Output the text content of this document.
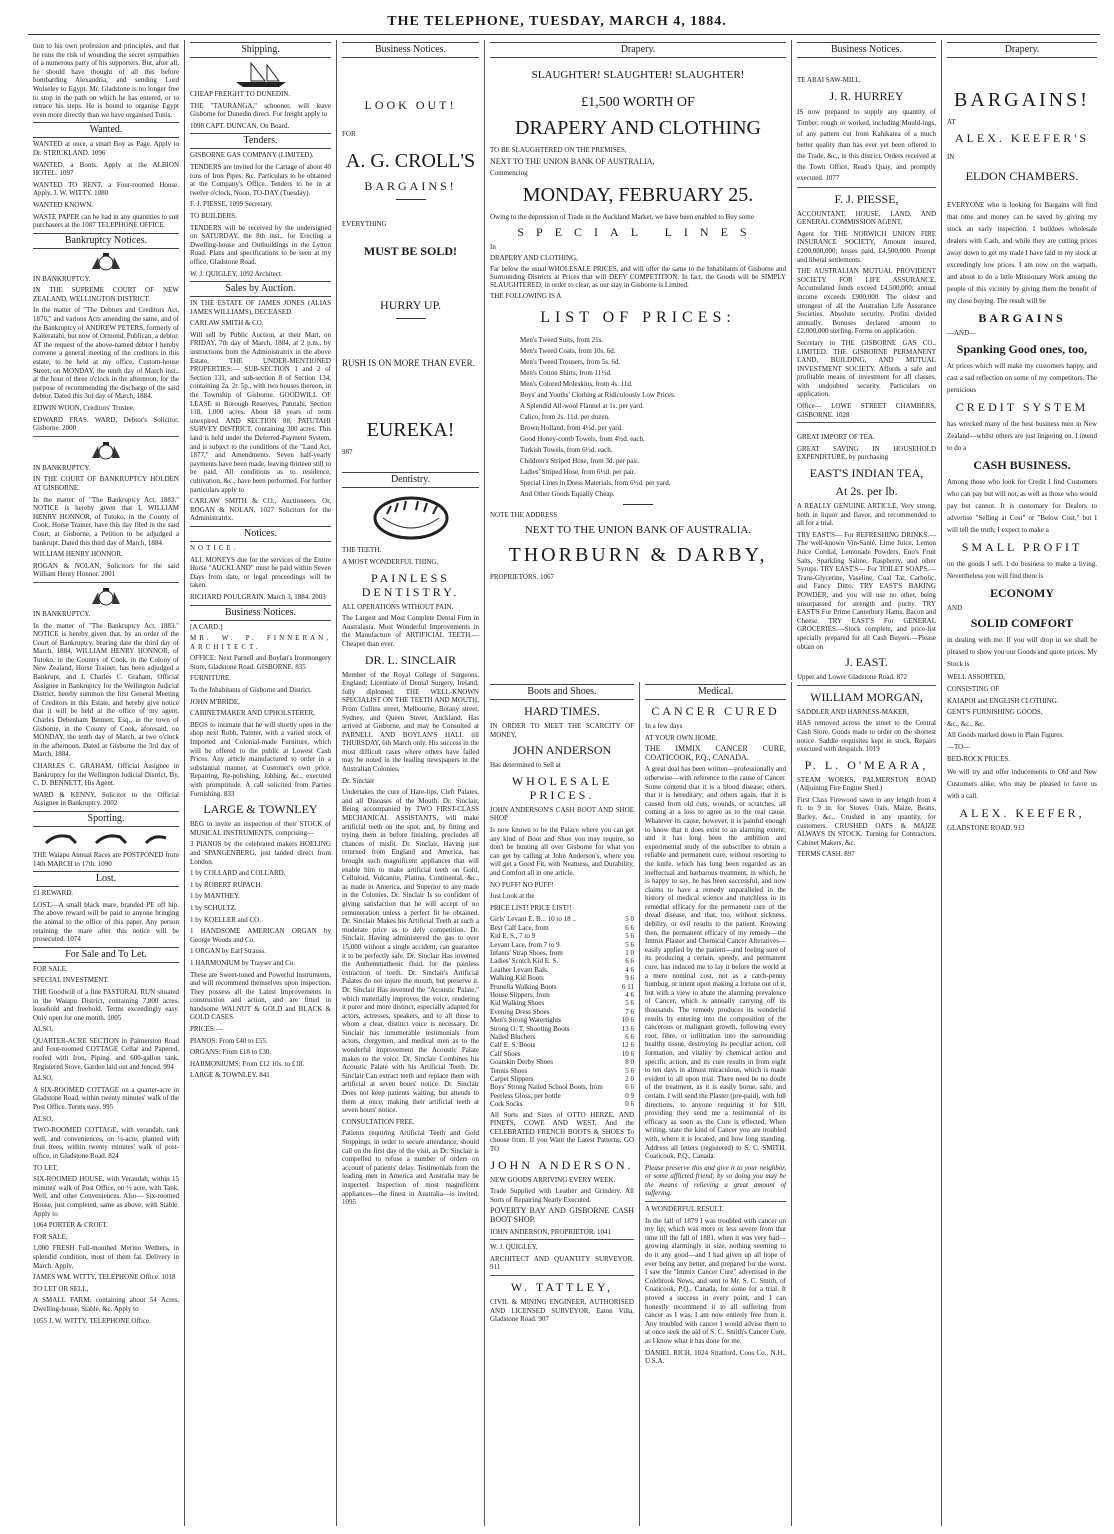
THE TELEPHONE, TUESDAY, MARCH 4, 1884.
tion to his own profession and principles, and that he runs the risk of wounding the secret sympathies of a numerous party of his supporters. But, after all, he should have thought of all this before bombarding Alexandria, and sending Lord Wolseley to Egypt. Mr. Gladstone is no longer free to stop in the path on which he has entered, or to retrace his steps. He is bound to organise Egypt even more directly than we have organised Tunis.
Wanted.
WANTED at once, a smart Boy as Page. Apply to Dr. STRICKLAND. 1096
WANTED, a Boots. Apply at the ALBION HOTEL. 1097
WANTED TO RENT, a Four-roomed House. Apply, J. W. WITTY. 1080
WANTED KNOWN.
WASTE PAPER can be had in any quantities to suit purchasers at the 1087 TELEPHONE OFFICE.
Bankruptcy Notices.
IN BANKRUPTCY.
IN THE SUPREME COURT OF NEW ZEALAND, WELLINGTON DISTRICT.
In the matter of "The Debtors and Creditors Act, 1876," and various Acts amending the same, and of the Bankruptcy of ANDREW PETERS, formerly of Kaiteratahi, but now of Ormond, Publican, a debtor. AT the request of the above-named debtor I hereby convene a general meeting of the creditors in this estate, to be held at my office, Custom-house Street, on MONDAY, the tenth day of March inst., at the hour of three o'clock in the afternoon, for the purpose of recommending the discharge of the said debtor. Dated this 3rd day of March, 1884.
EDWIN WOON, Creditors' Trustee.
EDWARD FRAS. WARD, Debtor's Solicitor, Gisborne. 2000
IN BANKRUPTCY.
IN THE COURT OF BANKRUPTCY HOLDEN AT GISBORNE.
In the matter of "The Bankruptcy Act, 1883." NOTICE is hereby given that I, WILLIAM HENRY HONNOR, of Tutoko, in the County of Cook, Horse Trainer, have this day filed in the said Court, at Gisborne, a Petition to be adjudged a bankrupt. Dated this third day of March, 1884.
WILLIAM HENRY HONNOR.
ROGAN & NOLAN, Solicitors for the said William Henry Honnor. 2001
IN BANKRUPTCY.
In the matter of "The Bankruptcy Act, 1883." NOTICE is hereby given that, by an order of the Court of Bankruptcy, bearing date the third day of March, 1884, WILLIAM HENRY HONNOR, of Tutoko, in the Country of Cook, in the Colony of New Zealand, Horse Trainer, has been adjudged a Bankrupt, and I, Charles C. Graham, Official Assignee in Bankruptcy for the Wellington Judicial District, hereby summon the first General Meeting of Creditors in this Estate, and hereby give notice that it will be held at the office of my agent, Charles Debenham Bennett, Esq., in the town of Gisborne, in the County of Cook, aforesaid, on MONDAY, the tenth day of March, at two o'clock in the afternoon. Dated at Gisborne the 3rd day of March, 1884.
CHARLES C. GRAHAM, Official Assignee in Bankruptcy for the Wellington Judicial District, By, C. D. BENNETT, His Agent.
WARD & KENNY, Solicitor to the Official Assignee in Bankruptcy. 2002
Sporting.
THE Waiapu Annual Races are POSTPONED from 14th MARCH to 17th. 1090
Lost.
£1 REWARD.
LOST,—A small black mare, branded PE off hip. The above reward will be paid to anyone bringing the animal to the office of this paper. Any person retaining the mare after this notice will be prosecuted. 1074
For Sale and To Let.
FOR SALE.
SPECIAL INVESTMENT.
THE Goodwill of a fine PASTORAL RUN situated in the Waiapu District, containing 7,800 acres, leasehold and freehold. Terms exceedingly easy. Only open for one month. 1005
ALSO,
QUARTER-ACRE SECTION in Palmerston Road and Four-roomed COTTAGE Cellar and Papered, roofed with Iron, Piping, and 600-gallon tank, Registered Stove. Garden laid out and fenced. 994
ALSO,
A SIX-ROOMED COTTAGE on a quarter-acre in Gladstone Road, within twenty minutes' walk of the Post Office. Terms easy. 995
ALSO,
TWO-ROOMED COTTAGE, with verandah, tank well, and conveniences, on ¼-acre, planted with fruit trees, within twenty minutes' walk of post-office, in Gladstone Road. 824
TO LET,
SIX-ROOMED HOUSE, with Verandah, within 15 minutes' walk of Post Office, on ½ acre, with Tank, Well, and other Conveniences. Also— Six-roomed House, just completed, same as above, with Stable. Apply to
1064 PORTER & CROFT.
FOR SALE,
1,000 FRESH Full-mouthed Merino Wethers, in splendid condition, most of them fat. Delivery in March. Apply,
JAMES WM. WITTY, TELEPHONE Office. 1018
TO LET OR SELL,
A SMALL FARM, containing about 54 Acres, Dwelling-house, Stable, &c. Apply to
1055 J. W. WITTY, TELEPHONE Office.
Shipping.
CHEAP FREIGHT TO DUNEDIN.
THE "TAURANGA," schooner, will leave Gisborne for Dunedin direct. For freight apply to
1098 CAPT. DUNCAN, On Board.
Tenders.
GISBORNE GAS COMPANY (LIMITED).
TENDERS are invited for the Cartage of about 40 tons of Iron Pipes, &c. Particulars to be obtained at the Company's Office. Tenders to be in at twelve o'clock, Noon, TO-DAY (Tuesday).
F. J. PIESSE, 1099 Secretary.
TO BUILDERS.
TENDERS will be received by the undersigned on SATURDAY, the 8th inst., for Erecting a Dwelling-house and Outbuildings in the Lytton Road. Plans and specifications to be seen at my office, Gladstone Road.
W. J. QUIGLEY, 1092 Architect.
Sales by Auction.
IN THE ESTATE OF JAMES JONES (ALIAS JAMES WILLIAMS), DECEASED.
CARLAW SMITH & CO.
Will sell by Public Auction, at their Mart, on FRIDAY, 7th day of March, 1884, at 2 p.m., by instructions from the Administratrix in the above Estate, THE UNDER-MENTIONED PROPERTIES:— SUB-SECTION 1 and 2 of Section 131, and sub-section 8 of Section 134, containing 2a. 2r. 5p., with two houses thereon, in the Township of Gisborne. GOODWILL OF LEASE in Borough Reserves, Patutahi, Section 118, 1,000 acres. About 18 years of term unexpired. AND SECTION 88, PATUTAHI SURVEY DISTRICT, containing 300 acres. This land is held under the Deferred-Payment System, and is subject to the conditions of the "Land Act, 1877," and Amendments. Seven half-yearly payments have been made, leaving thirteen still to be paid. All conditions as to residence, cultivation, &c., have been performed. For further particulars apply to
CARLAW SMITH & CO., Auctioneers. Or, ROGAN & NOLAN, 1027 Solicitors for the Administratrix.
Notices.
NOTICE.
ALL MONEYS due for the services of the Entire Horse "AUCKLAND" must be paid within Seven Days from date, or legal proceedings will be taken.
RICHARD POULGRAIN. March 3, 1884. 2003
Business Notices.
[A CARD.]
MR. W. P. FINNERAN, ARCHITECT.
OFFICE: Next Parnell and Boylan's Ironmongery Store, Gladstone Road. GISBORNE. 835
FURNITURE.
To the Inhabitants of Gisborne and District.
JOHN M'BRIDE,
CABINETMAKER AND UPHOLSTERER,
BEGS to intimate that he will shortly open in the shop next Robb, Painter, with a varied stock of Imported and Colonial-made Furniture, which will be offered to the public at Lowest Cash Prices. Any article manufactured to order in a substantial manner, at Customer's own price. Repairing, Re-polishing, Jobbing, &c., executed with promptitude. A call solicited from Parties Furnishing. 833
LARGE & TOWNLEY
BEG to invite an inspection of their STOCK of MUSICAL INSTRUMENTS, comprising—
3 PIANOS by the celebrated makers HOELING and SPANGENBERG, just landed direct from London.
1 by COLLARD and COLLARD.
1 by ROBERT RUPACH.
1 by MANTHEY.
1 by SCHULTZ.
1 by KOELLER and CO.
1 HANDSOME AMERICAN ORGAN by George Woods and Co.
1 ORGAN by Earl Strauss.
1 HARMONIUM by Trayser and Co.
These are Sweet-toned and Powerful Instruments, and will recommend themselves upon inspection. They possess all the Latest Improvements in construction and action, and are fitted in handsome WALNUT & GOLD and BLACK & GOLD CASES.
PRICES:—
PIANOS: From £40 to £55.
ORGANS: From £18 to £30.
HARMONIUMS: From £12 10s. to £18.
LARGE & TOWNLEY. 841
Business Notices.
LOOK OUT!
FOR
A. G. CROLL'S
BARGAINS!
EVERYTHING
MUST BE SOLD!
HURRY UP.
RUSH IS ON MORE THAN EVER.
EUREKA!
987
Dentistry.
THE TEETH.
A MOST WONDERFUL THING.
PAINLESS DENTISTRY.
ALL OPERATIONS WITHOUT PAIN.
The Largest and Most Complete Dental Firm in Australasia. Most Wonderful Improvements in the Manufacture of ARTIFICIAL TEETH.— Cheaper than ever.
DR. L. SINCLAIR
Member of the Royal College of Surgeons, England; Licentiate of Dental Surgery, Ireland; fully diplomed; THE WELL-KNOWN SPECIALIST ON THE TEETH AND MOUTH, From Collins street, Melbourne, Botany street, Sydney, and Queen Street, Auckland. Has arrived at Gisborne, and may be Consulted at PARNELL AND BOYLAN'S HALL till THURSDAY, 6th March only. His success in the most difficult cases where others have failed may be noted in the leading newspapers in the Australian Colonies.
Dr. Sinclair
Undertakes the cure of Hare-lips, Cleft Palates, and all Diseases of the Mouth. Dr. Sinclair, Being accompanied by TWO FIRST-CLASS MECHANICAL ASSISTANTS, will make artificial teeth on the spot, and, by fitting and trying them in before finishing, precludes all chances of misfit. Dr. Sinclair, Having just returned from England and America, has brought such magnificent appliances that will enable him to make artificial teeth on Gold, Celluloid, Vulcanite, Platina, Continental, &c., as made in America, and Superior to any made in the Colonies. Dr. Sinclair Is so confident of giving satisfaction that he will accept of no remuneration unless a perfect fit be obtained. Dr. Sinclair Makes his Artificial Teeth at such a moderate price as to defy competition. Dr. Sinclair, Having administered the gas to over 15,000 without a single accident, can guarantee it to be perfectly safe. Dr. Sinclair Has invented the Anthemmathenic fluid, for the painless extraction of teeth. Dr. Sinclair's Artificial Palates do not injure the mouth, but preserve it. Dr. Sinclair Has invented the "Acoustic Palate," which materially improves the voice, rendering it purer and more distinct, especially adapted for actors, actresses, speakers, and to all those to whom a clear, distinct voice is necessary. Dr. Sinclair has innumerable testimonials from actors, clergymen, and medical men as to the wonderful improvement the Acoustic Palate makes to the voice. Dr. Sinclair Combines his Acoustic Palate with his Artificial Teeth. Dr. Sinclair Can extract teeth and replace them with artificial at seven hours' notice. Dr. Sinclair Does not keep patients waiting, but attends to them at once, making their artificial teeth at seven hours' notice.
CONSULTATION FREE.
Patients requiring Artificial Teeth and Gold Stoppings, in order to secure attendance, should call on the first day of the visit, as Dr. Sinclair is compelled to refuse a number of orders on account of patients' delay. Testimonials from the leading men in America and Australia may be inspected. Inspection of most magnificent appliances—the finest in Australia—is invited. 1095
Drapery.
SLAUGHTER! SLAUGHTER! SLAUGHTER!
£1,500 WORTH OF
DRAPERY AND CLOTHING
TO BE SLAUGHTERED ON THE PREMISES,
NEXT TO THE UNION BANK OF AUSTRALIA,
Commencing
MONDAY, FEBRUARY 25.
Owing to the depression of Trade in the Auckland Market, we have been enabled to Buy some
SPECIAL LINES
In
DRAPERY AND CLOTHING,
Far below the usual WHOLESALE PRICES, and will offer the same to the Inhabitants of Gisborne and Surrounding Districts at Prices that will DEFY COMPETITION. In fact, the Goods will be SIMPLY SLAUGHTERED, in order to clear, as our stay in Gisborne is Limited.
THE FOLLOWING IS A
LIST OF PRICES:
Men's Tweed Suits, from 21s.
Men's Tweed Coats, from 10s. 6d.
Men's Tweed Trousers, from 5s. 6d.
Men's Cotton Shirts, from 11½d.
Men's Colored Moleskins, from 4s. 11d.
Boys' and Youths' Clothing at Ridiculously Low Prices.
A Splendid All-wool Flannel at 1s. per yard.
Calico, from 2s. 11d. per dozen.
Brown Holland, from 4½d. per yard.
Good Honey-comb Towels, from 4½d. each.
Turkish Towels, from 6½d. each.
Children's Striped Hose, from 3d. per pair.
Ladies' Striped Hose, from 6½d. per pair.
Special Lines in Dress Materials, from 6½d. per yard.
And Other Goods Equally Cheap.
NOTE THE ADDRESS
NEXT TO THE UNION BANK OF AUSTRALIA.
THORBURN & DARBY,
PROPRIETORS. 1067
Boots and Shoes.
HARD TIMES.
IN ORDER TO MEET THE SCARCITY OF MONEY,
JOHN ANDERSON
Has determined to Sell at
WHOLESALE PRICES.
JOHN ANDERSON'S CASH BOOT AND SHOE SHOP
Is now known to be the Palace where you can get any kind of Boot and Shoe you may require, so don't be hunting all over Gisborne for what you can get by calling at John Anderson's, where you will get a Good Fit, with Neatness, and Durability, and Comfort all in one article.
NO PUFF! NO PUFF!
Just Look at the
PRICE LIST! PRICE LIST!!
Girls' Levant E. B... 10 to 18 ..	5 0
Best Calf Lace, from	6 6
Kid E. S., 7 to 9	5 6
Levant Lace, from 7 to 9	5 6
Infants' Strap Shoes, from	1 0
Ladies' Scotch Kid E. S.	6 6
Leather Levant Bals.	4 6
Walking Kid Boots	9 6
Prunella Walking Boots	6 11
House Slippers, from	4 6
Kid Walking Shoes	5 6
Evening Dress Shoes	7 6
Men's Strong Watertights	10 6
Strong O. T. Shooting Boots	13 6
Nailed Bluchers	6 6
Calf E. S. Boots	12 6
Calf Shoes	10 6
Goatskin Derby Shoes	8 0
Tennis Shoes	5 6
Carpet Slippers	2 0
Boys' Strong Nailed School Boots, from	6 6
Peerless Gloss, per bottle	0 9
Cork Socks	0 6
All Sorts and Sizes of OTTO HERZE, AND PINETS, COWE AND WEST, And the CELEBRATED FRENCH BOOTS & SHOES To choose from. If you Want the Latest Patterns, GO TO
JOHN ANDERSON.
NEW GOODS ARRIVING EVERY WEEK.
Trade Supplied with Leather and Grindery. All Sorts of Repairing Neatly Executed.
POVERTY BAY AND GISBORNE CASH BOOT SHOP.
JOHN ANDERSON, PROPRIETOR. 1041
W. J. QUIGLEY,
ARCHITECT AND QUANTITY SURVEYOR. 911
W. TATTLEY,
CIVIL & MINING ENGINEER, AUTHORISED AND LICENSED SURVEYOR, Eaton Villa, Gladstone Road. 907
Medical.
CANCER CURED
In a few days
AT YOUR OWN HOME.
THE IMMIX CANCER CURE, COATICOOK, P.Q., CANADA.
A great deal has been written—professionally and otherwise—with reference to the cause of Cancer. Some contend that it is a blood disease; others, that it is hereditary; and others again, that it is caused from old cuts, wounds, or scratches, all coming at a loss to agree as to the real cause. Whatever its cause, however, it is painful enough to know that it does exist to an alarming extent; and it has long been the ambition and experimental study of the subscriber to obtain a reliable and permanent cure, without resorting to the knife, which has long been regarded as an ineffectual and barbarous treatment, in which, he is happy to say, he has been successful, and now claims to have a remedy unparalleled in the history of medical science and matchless in its remedial efficacy for the permanent cure of the dread disease, and that, too, without sickness, debility, or evil results to the patient. Knowing then, the permanent efficacy of my remedy—the Immix Plaster and Chemical Cancer Alteratives—easily applied by the patient—and feeling sure of its producing a certain, speedy, and permanent cure, has induced me to lay it before the world at a mere nominal cost, not as a catch-penny humbug, or intent upon making a fortune out of it, but with a view to abate the alarming prevalence of Cancer, which is annually carrying off its thousands. The remedy produces its wonderful results by entering into the composition of the cancerous or malignant growth, following every root, fibre, or infiltration into the surrounding healthy tissue, destroying its peculiar action, cell formation, and vitality by chemical action and specific action, and its cure results in from eight to ten days in almost miraculous, which is made evident to all upon trial. There need be no doubt of the treatment, as it is easily borne, safe, and certain. I will send the Plaster (pre-paid), with full directions, to anyone requiring it for $10, providing they send me a testimonial of its efficacy as soon as the Cure is effected. When writing, state the kind of Cancer you are troubled with, where it is located, and how long standing. Address all letters (registered) to S. C. SMITH, Coaticook, P.Q., Canada.
Please preserve this and give it to your neighbor, or some afflicted friend; by so doing you may be the means of relieving a great amount of suffering.
A WONDERFUL RESULT.
In the fall of 1879 I was troubled with cancer on my lip, which was more or less severe from that time till the fall of 1881, when it was very bad—growing alarmingly in size, nothing seeming to do it any good—and I had given up all hope of ever being any better, and prepared for the worst. I saw the "Immix Cancer Cure" advertised in the Colebrook News, and sent to Mr. S. C. Smith, of Coaticook, P.Q., Canada, for some for a trial. It proved a success in every point, and I can honestly recommend it to all suffering from cancer as I was. I am now entirely free from it. Any troubled with cancer I would advise them to at once seek the aid of S. C. Smith's Cancer Cure, as I know what it has done for me.
DANIEL RICH, 1024 Stratford, Coos Co., N.H., U.S.A.
Business Notices.
TE ARAI SAW-MILL.
J. R. HURREY
IS now prepared to supply any quantity of Timber, rough or worked, including Mould-ings, of any pattern cut from Kahikatea of a much better quality than has ever yet been offered to the Trade, &c., in this district. Orders received at the Town Office, Read's Quay, and promptly executed. 1077
F. J. PIESSE,
ACCOUNTANT, HOUSE, LAND, AND GENERAL COMMISSION AGENT,
Agent for THE NORWICH UNION FIRE INSURANCE SOCIETY, Amount insured, £200,000,000; losses paid, £4,500,000. Prompt and liberal settlements.
THE AUSTRALIAN MUTUAL PROVIDENT SOCIETY FOR LIFE ASSURANCE, Accumulated funds exceed £4,500,000; annual income exceeds £900,000. The oldest and strongest of all the Australian Life Assurance Societies. Absolute security. Profits divided annually. Bonuses declared amount to £2,000,000 sterling. Forms on application.
Secretary to THE GISBORNE GAS CO., LIMITED. THE GISBORNE PERMANENT LAND, BUILDING, AND MUTUAL INVESTMENT SOCIETY. Affords a safe and profitable means of investment for all classes, with undoubted security. Particulars on application.
Office— LOWE STREET CHAMBERS, GISBORNE. 1028
GREAT IMPORT OF TEA.
GREAT SAVING IN HOUSEHOLD EXPENDITURE, by purchasing
EAST'S INDIAN TEA,
At 2s. per lb.
A REALLY GENUINE ARTICLE, Very strong, both in liquor and flavor, and recommended to all for a trial.
TRY EAST'S— For REFRESHING DRINKS.—The well-known Vin-Santé, Lime Juice, Lemon Juice Cordial, Lemonade Powders, Eno's Fruit Salts, Sparkling Saline, Raspberry, and other Syrups. TRY EAST'S— For TOILET SOAPS.—Trans-Glycerine, Vaseline, Coal Tar, Carbolic, and Fancy Ditto. TRY EAST'S BAKING POWDER, and you will use no other, being unsurpassed for strength and purity. TRY EAST'S For Prime Canterbury Hams, Bacon and Cheese. TRY EAST'S For GENERAL GROCERIES.—Stock complete, and price-list specially prepared for all Cash Buyers.—Please obtain on
J. EAST.
Upper and Lower Gladstone Road. 872
WILLIAM MORGAN,
SADDLER AND HARNESS-MAKER,
HAS removed across the street to the Central Cash Store. Goods made to order on the shortest notice. Saddle requisites kept in stock. Repairs executed with despatch. 1019
P. L. O'MEARA,
STEAM WORKS, PALMERSTON ROAD (Adjoining Fire Engine Shed.)
First Class Firewood sawn in any length from 4 ft. to 9 in. for Stoves. Oats, Maize, Beans, Barley, &c., Crushed in any quantity, for customers. CRUSHED OATS & MAIZE ALWAYS IN STOCK. Turning for Contractors, Cabinet Makers, &c.
TERMS CASH. 897
Drapery.
BARGAINS!
AT
ALEX. KEEFER'S
IN
ELDON CHAMBERS.
EVERYONE who is looking for Bargains will find that time and money can be saved by giving my stock an early inspection. I buildoes wholesale dealers with Cash, and while they are cutting prices away down to get my trade I have laid in my stock at exceedingly low prices. I am now on the warpath, and about to do a little Missionary Work among the people of this vicinity by giving them the benefit of my close buying. The result will be
BARGAINS
—AND—
Spanking Good ones, too,
At prices which will make my customers happy, and cast a sad reflection on some of my competitors. The pernicious
CREDIT SYSTEM
has wrecked many of the best business men in New Zealand—whilst others are just lingering on. I intend to do a
CASH BUSINESS.
Among those who look for Credit I find Customers who can pay but will not, as well as those who would pay but cannot. It is customary for Dealers to advertise "Selling at Cost" or "Below Cost," but I will tell the truth; I expect to make a
SMALL PROFIT
on the goods I sell. I do business to make a living. Nevertheless you will find there is
ECONOMY
AND
SOLID COMFORT
in dealing with me. If you will drop in we shall be pleased to show you our Goods and quote prices. My Stock is
WELL ASSORTED,
CONSISTING OF
KAIAPOI and ENGLISH CLOTHING.
GENT'S FURNISHING GOODS,
&c., &c., &c.
All Goods marked down in Plain Figures.
—TO—
BED-ROCK PRICES.
We will try and offer inducements to Old and New Customers alike, who may be pleased to favor us with a call.
ALEX. KEEFER,
GLADSTONE ROAD. 913
